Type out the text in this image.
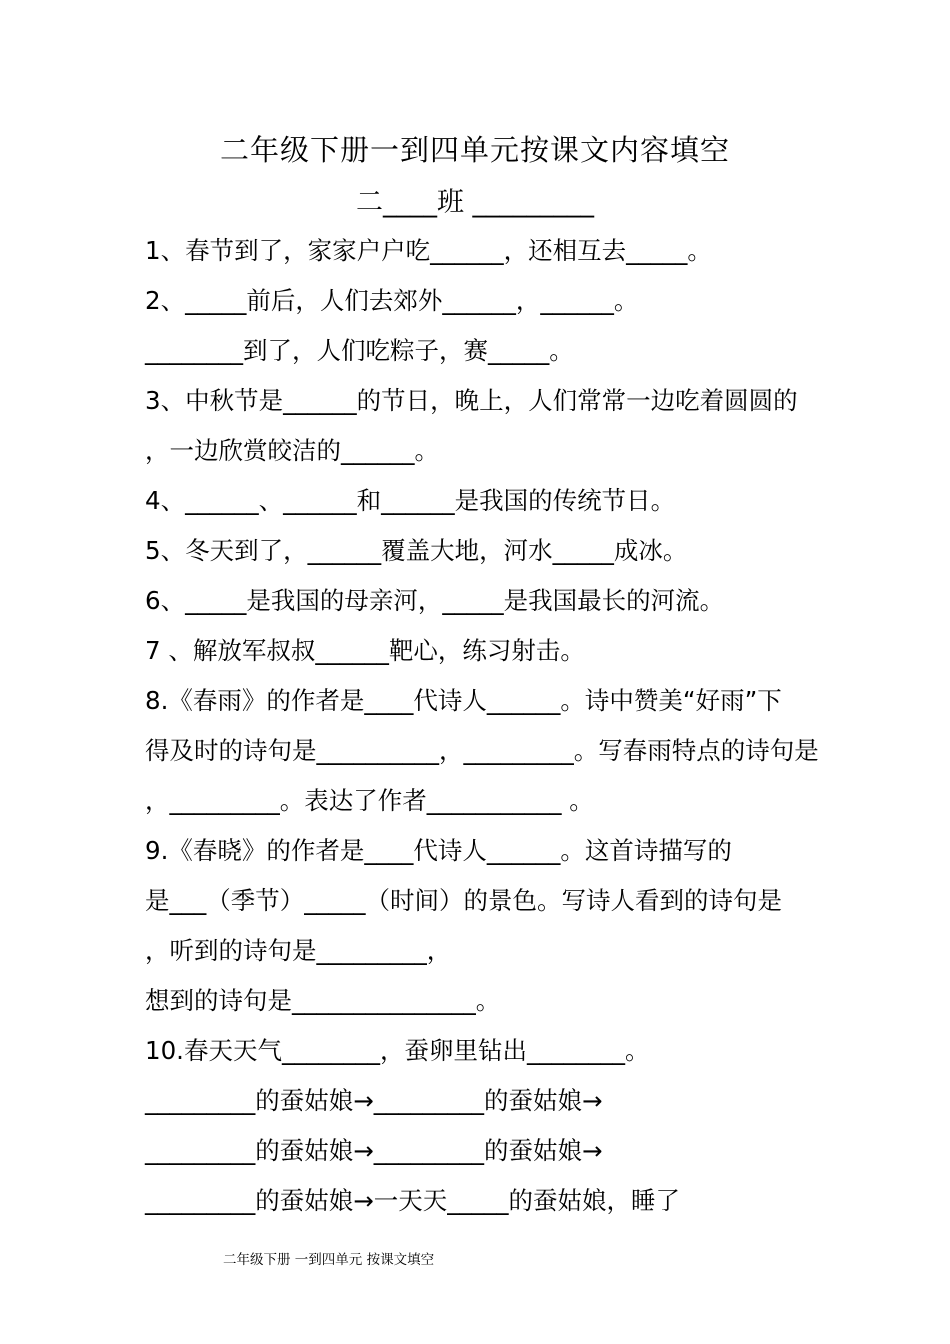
二年级下册一到四单元按课文内容填空
二____班 _________
1、春节到了，家家户户吃______，还相互去_____。
2、_____前后，人们去郊外______，______。
________到了，人们吃粽子，赛_____。
3、中秋节是______的节日，晚上，人们常常一边吃着圆圆的
，一边欣赏皎洁的______。
4、______、______和______是我国的传统节日。
5、冬天到了，______覆盖大地，河水_____成冰。
6、_____是我国的母亲河，_____是我国最长的河流。
7 、解放军叔叔______靶心，练习射击。
8.《春雨》的作者是____代诗人______。诗中赞美“好雨”下
得及时的诗句是__________，_________。写春雨特点的诗句是
，_________。表达了作者___________ 。
9.《春晓》的作者是____代诗人______。这首诗描写的
是___（季节）_____（时间）的景色。写诗人看到的诗句是
，听到的诗句是_________，
想到的诗句是_______________。
10.春天天气________，蚕卵里钻出________。
_________的蚕姑娘→_________的蚕姑娘→
_________的蚕姑娘→_________的蚕姑娘→
_________的蚕姑娘→一天天_____的蚕姑娘，睡了
二年级下册 一到四单元 按课文填空
